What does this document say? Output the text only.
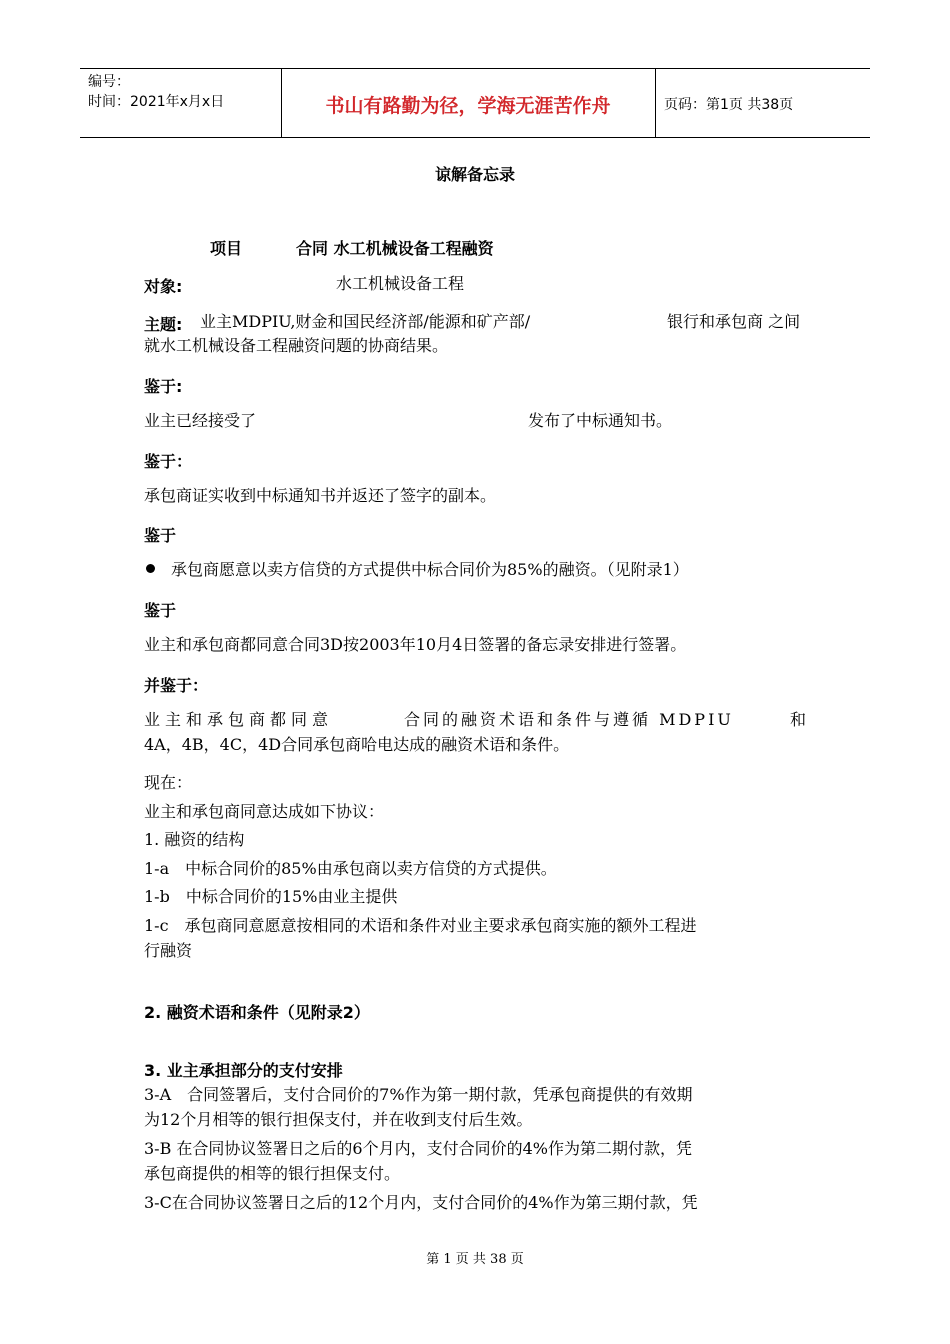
编号：
时间：2021年x月x日	书山有路勤为径，学海无涯苦作舟	页码：第1页 共38页
谅解备忘录
项目	合同 水工机械设备工程融资
对象:	水工机械设备工程
主题: 业主MDPIU,财金和国民经济部/能源和矿产部/	银行和承包商 之间
就水工机械设备工程融资问题的协商结果。
鉴于:
业主已经接受了	发布了中标通知书。
鉴于：
承包商证实收到中标通知书并返还了签字的副本。
鉴于
承包商愿意以卖方信贷的方式提供中标合同价为85%的融资。（见附录1）
鉴于
业主和承包商都同意合同3D按2003年10月4日签署的备忘录安排进行签署。
并鉴于：
业主和承包商都同意	合同的融资术语和条件与遵循 MDPIU	和
4A，4B，4C，4D合同承包商哈电达成的融资术语和条件。
现在：
业主和承包商同意达成如下协议：
1. 融资的结构
1-a　中标合同价的85%由承包商以卖方信贷的方式提供。
1-b　中标合同价的15%由业主提供
1-c　承包商同意愿意按相同的术语和条件对业主要求承包商实施的额外工程进
行融资
2. 融资术语和条件（见附录2）
3. 业主承担部分的支付安排
3-A　合同签署后，支付合同价的7%作为第一期付款，凭承包商提供的有效期
为12个月相等的银行担保支付，并在收到支付后生效。
3-B 在合同协议签署日之后的6个月内，支付合同价的4%作为第二期付款，凭
承包商提供的相等的银行担保支付。
3-C在合同协议签署日之后的12个月内，支付合同价的4%作为第三期付款，凭
第 1 页 共 38 页
